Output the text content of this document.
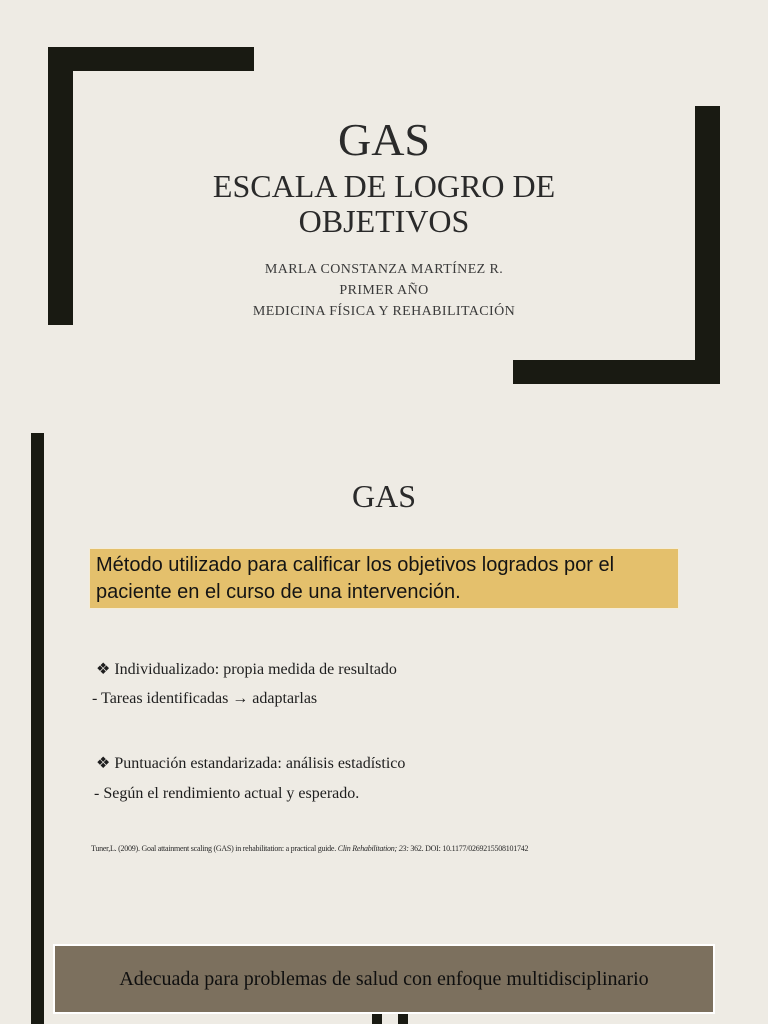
GAS
ESCALA DE LOGRO DE
OBJETIVOS
MARLA CONSTANZA MARTÍNEZ R.
PRIMER AÑO
MEDICINA FÍSICA Y REHABILITACIÓN
GAS
Método utilizado para calificar los objetivos logrados por el paciente en el curso de una intervención.
❖ Individualizado: propia medida de resultado
- Tareas identificadas → adaptarlas
❖ Puntuación estandarizada: análisis estadístico
- Según el rendimiento actual y esperado.
Tuner,L. (2009). Goal attainment scaling (GAS) in rehabilitation: a practical guide. Clin Rehabilitation; 23: 362. DOI: 10.1177/0269215508101742
Adecuada para problemas de salud con enfoque multidisciplinario
